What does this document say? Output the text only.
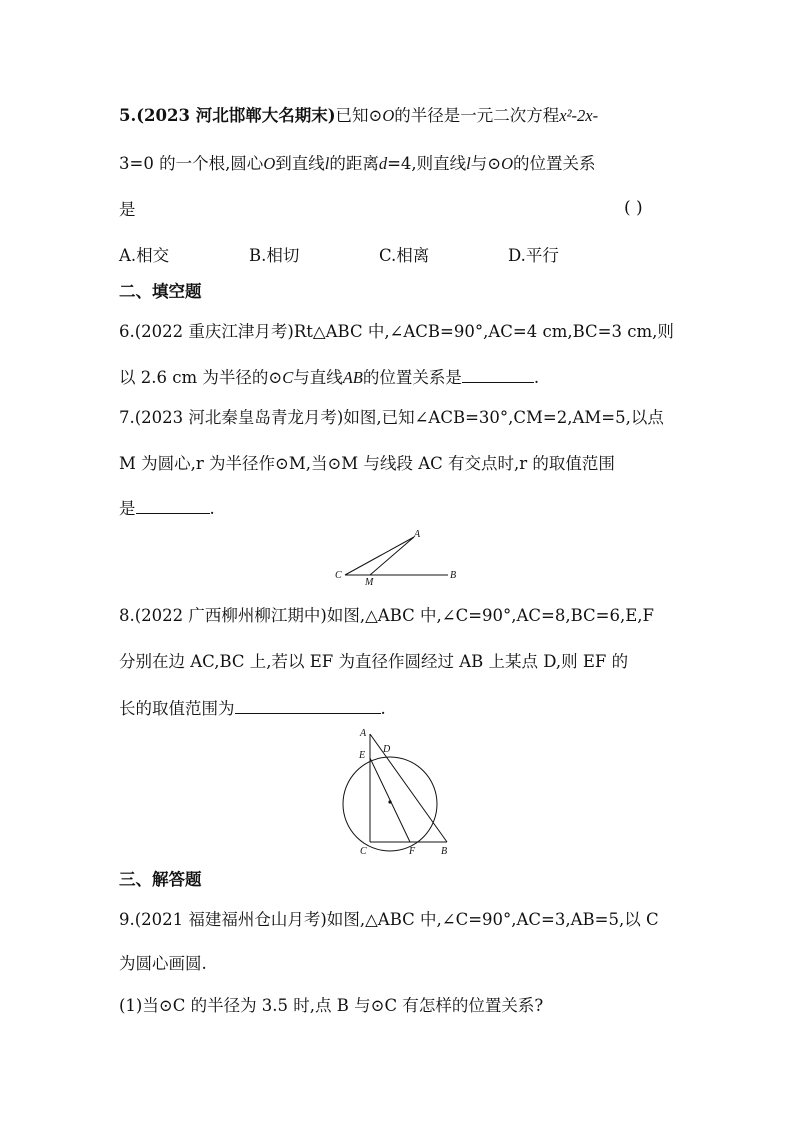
5.(2023 河北邯郸大名期末)已知⊙O的半径是一元二次方程x²-2x-
3=0 的一个根,圆心O到直线l的距离d=4,则直线l与⊙O的位置关系
是	( )
A.相交	B.相切	C.相离	D.平行
二、填空题
6.(2022 重庆江津月考)Rt△ABC 中,∠ACB=90°,AC=4 cm,BC=3 cm,则
以 2.6 cm 为半径的⊙C与直线AB的位置关系是	.
7.(2023 河北秦皇岛青龙月考)如图,已知∠ACB=30°,CM=2,AM=5,以点
M 为圆心,r 为半径作⊙M,当⊙M 与线段 AC 有交点时,r 的取值范围
是	.
A
C
M
B
8.(2022 广西柳州柳江期中)如图,△ABC 中,∠C=90°,AC=8,BC=6,E,F
分别在边 AC,BC 上,若以 EF 为直径作圆经过 AB 上某点 D,则 EF 的
长的取值范围为	.
A
E
D
C	F	B
三、解答题
9.(2021 福建福州仓山月考)如图,△ABC 中,∠C=90°,AC=3,AB=5,以 C
为圆心画圆.
(1)当⊙C 的半径为 3.5 时,点 B 与⊙C 有怎样的位置关系?
